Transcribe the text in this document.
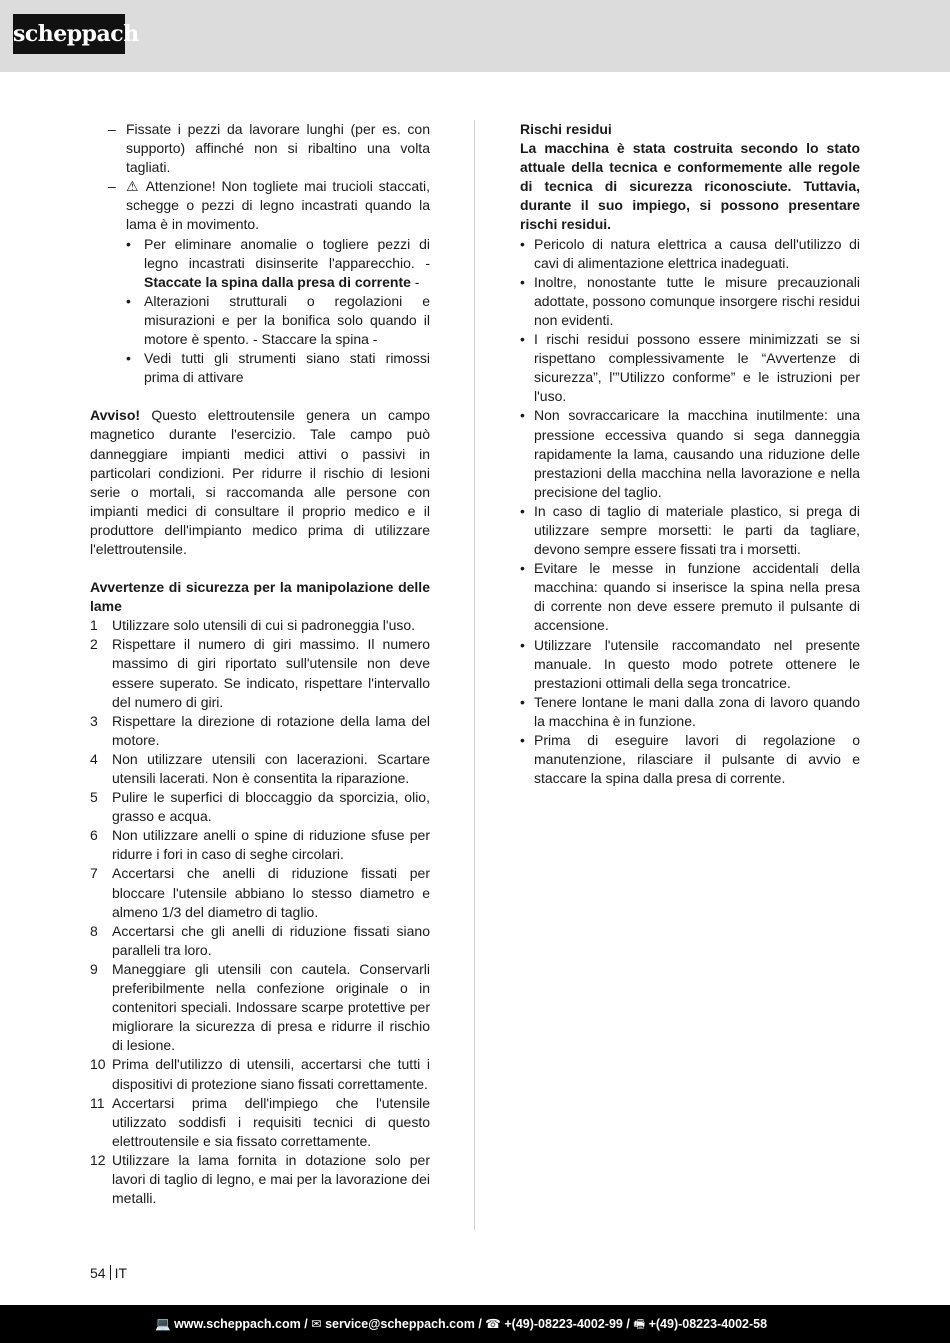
scheppach
– Fissate i pezzi da lavorare lunghi (per es. con supporto) affinché non si ribaltino una volta tagliati.
– ⚠ Attenzione! Non togliete mai trucioli staccati, schegge o pezzi di legno incastrati quando la lama è in movimento.
• Per eliminare anomalie o togliere pezzi di legno incastrati disinserite l'apparecchio. - Staccate la spina dalla presa di corrente -
• Alterazioni strutturali o regolazioni e misurazioni e per la bonifica solo quando il motore è spento. - Staccare la spina -
• Vedi tutti gli strumenti siano stati rimossi prima di attivare

Avviso! Questo elettroutensile genera un campo magnetico durante l'esercizio. Tale campo può danneggiare impianti medici attivi o passivi in particolari condizioni. Per ridurre il rischio di lesioni serie o mortali, si raccomanda alle persone con impianti medici di consultare il proprio medico e il produttore dell'impianto medico prima di utilizzare l'elettroutensile.

Avvertenze di sicurezza per la manipolazione delle lame
1 Utilizzare solo utensili di cui si padroneggia l'uso.
2 Rispettare il numero di giri massimo. Il numero massimo di giri riportato sull'utensile non deve essere superato. Se indicato, rispettare l'intervallo del numero di giri.
3 Rispettare la direzione di rotazione della lama del motore.
4 Non utilizzare utensili con lacerazioni. Scartare utensili lacerati. Non è consentita la riparazione.
5 Pulire le superfici di bloccaggio da sporcizia, olio, grasso e acqua.
6 Non utilizzare anelli o spine di riduzione sfuse per ridurre i fori in caso di seghe circolari.
7 Accertarsi che anelli di riduzione fissati per bloccare l'utensile abbiano lo stesso diametro e almeno 1/3 del diametro di taglio.
8 Accertarsi che gli anelli di riduzione fissati siano paralleli tra loro.
9 Maneggiare gli utensili con cautela. Conservarli preferibilmente nella confezione originale o in contenitori speciali. Indossare scarpe protettive per migliorare la sicurezza di presa e ridurre il rischio di lesione.
10 Prima dell'utilizzo di utensili, accertarsi che tutti i dispositivi di protezione siano fissati correttamente.
11 Accertarsi prima dell'impiego che l'utensile utilizzato soddisfi i requisiti tecnici di questo elettroutensile e sia fissato correttamente.
12 Utilizzare la lama fornita in dotazione solo per lavori di taglio di legno, e mai per la lavorazione dei metalli.
Rischi residui
La macchina è stata costruita secondo lo stato attuale della tecnica e conformemente alle regole di tecnica di sicurezza riconosciute. Tuttavia, durante il suo impiego, si possono presentare rischi residui.
• Pericolo di natura elettrica a causa dell'utilizzo di cavi di alimentazione elettrica inadeguati.
• Inoltre, nonostante tutte le misure precauzionali adottate, possono comunque insorgere rischi residui non evidenti.
• I rischi residui possono essere minimizzati se si rispettano complessivamente le “Avvertenze di sicurezza”, l'”Utilizzo conforme” e le istruzioni per l'uso.
• Non sovraccaricare la macchina inutilmente: una pressione eccessiva quando si sega danneggia rapidamente la lama, causando una riduzione delle prestazioni della macchina nella lavorazione e nella precisione del taglio.
• In caso di taglio di materiale plastico, si prega di utilizzare sempre morsetti: le parti da tagliare, devono sempre essere fissati tra i morsetti.
• Evitare le messe in funzione accidentali della macchina: quando si inserisce la spina nella presa di corrente non deve essere premuto il pulsante di accensione.
• Utilizzare l'utensile raccomandato nel presente manuale. In questo modo potrete ottenere le prestazioni ottimali della sega troncatrice.
• Tenere lontane le mani dalla zona di lavoro quando la macchina è in funzione.
• Prima di eseguire lavori di regolazione o manutenzione, rilasciare il pulsante di avvio e staccare la spina dalla presa di corrente.
54 IT
💻 www.scheppach.com / ✉ service@scheppach.com / ☎ +(49)-08223-4002-99 / 🖷 +(49)-08223-4002-58
